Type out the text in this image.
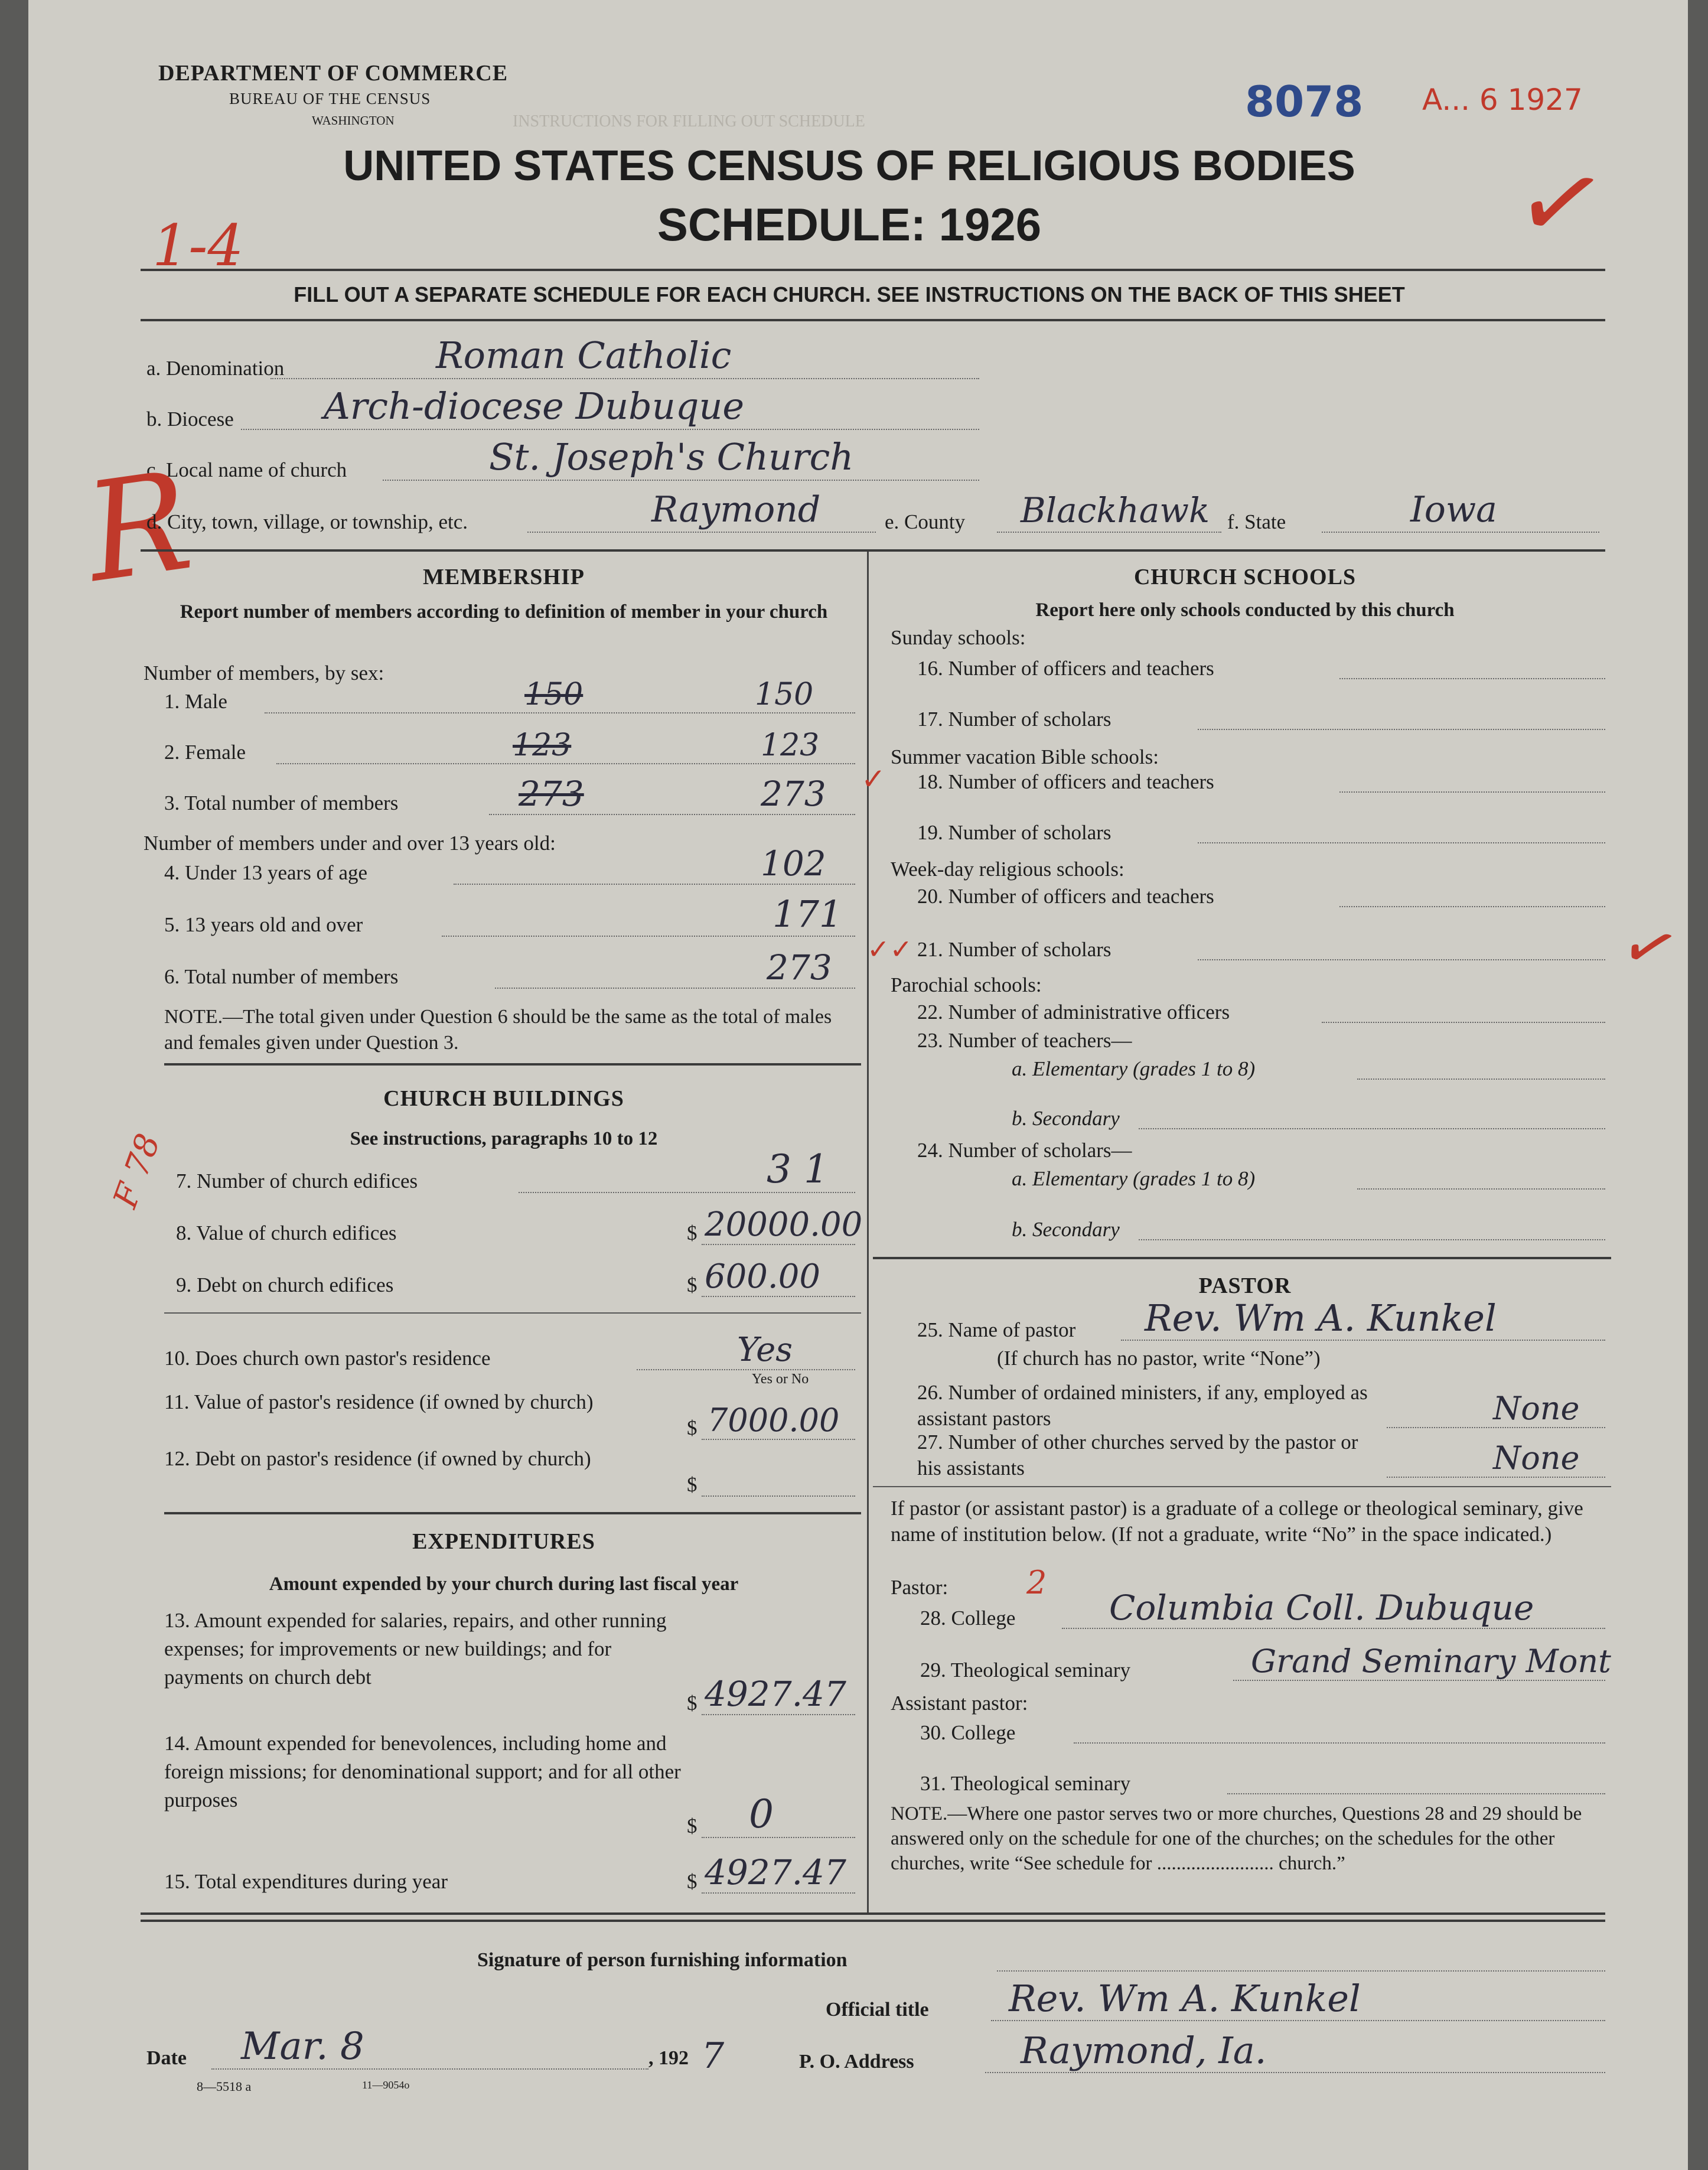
INSTRUCTIONS FOR FILLING OUT SCHEDULE
DEPARTMENT OF COMMERCE
BUREAU OF THE CENSUS
WASHINGTON	8078 A... 6 1927
UNITED STATES CENSUS OF RELIGIOUS BODIES
SCHEDULE: 1926
1-4	✓
FILL OUT A SEPARATE SCHEDULE FOR EACH CHURCH. SEE INSTRUCTIONS ON THE BACK OF THIS SHEET
a. Denomination	Roman Catholic
b. Diocese Arch-diocese Dubuque
c. Local name of church	St. Joseph's Church
R
d. City, town, village, or township, etc.	Raymond	e. County Blackhawk f. State	Iowa
MEMBERSHIP
Report number of members according to definition of member in your church
Number of members, by sex:
1. Male	150	150
2. Female	123	123
3. Total number of members	273	273 ✓
Number of members under and over 13 years old:
4. Under 13 years of age	102
5. 13 years old and over	171
6. Total number of members	273 ✓✓
NOTE.—The total given under Question 6 should be the same as the total of males and females given under Question 3.
CHURCH BUILDINGS
See instructions, paragraphs 10 to 12
F 78 7. Number of church edifices	3 1
8. Value of church edifices	$ 20000.00
9. Debt on church edifices	$ 600.00
10. Does church own pastor's residence	Yes
Yes or No
11. Value of pastor's residence (if owned by church)
$ 7000.00
12. Debt on pastor's residence (if owned by church)
$
EXPENDITURES
Amount expended by your church during last fiscal year
13. Amount expended for salaries, repairs, and other running expenses; for improvements or new buildings; and for payments on church debt
$ 4927.47
14. Amount expended for benevolences, including home and foreign missions; for denominational support; and for all other purposes
$ 0
15. Total expenditures during year	$ 4927.47
CHURCH SCHOOLS
Report here only schools conducted by this church
Sunday schools:
16. Number of officers and teachers
17. Number of scholars
Summer vacation Bible schools:
18. Number of officers and teachers
19. Number of scholars
Week-day religious schools:
20. Number of officers and teachers
21. Number of scholars	✓
Parochial schools:
22. Number of administrative officers
23. Number of teachers—
a. Elementary (grades 1 to 8)
b. Secondary
24. Number of scholars—
a. Elementary (grades 1 to 8)
b. Secondary
PASTOR
25. Name of pastor Rev. Wm A. Kunkel
(If church has no pastor, write “None”)
26. Number of ordained ministers, if any, employed as assistant pastors	None
27. Number of other churches served by the pastor or his assistants	None
If pastor (or assistant pastor) is a graduate of a college or theological seminary, give name of institution below. (If not a graduate, write “No” in the space indicated.)
Pastor: 2
28. College	Columbia Coll. Dubuque
29. Theological seminary	Grand Seminary Mont
Assistant pastor:
30. College
31. Theological seminary
NOTE.—Where one pastor serves two or more churches, Questions 28 and 29 should be answered only on the schedule for one of the churches; on the schedules for the other churches, write “See schedule for ........................ church.”
Signature of person furnishing information
Official title Rev. Wm A. Kunkel
Date Mar. 8	, 192 7	P. O. Address	Raymond, Ia.
8—5518 a	11—9054o
